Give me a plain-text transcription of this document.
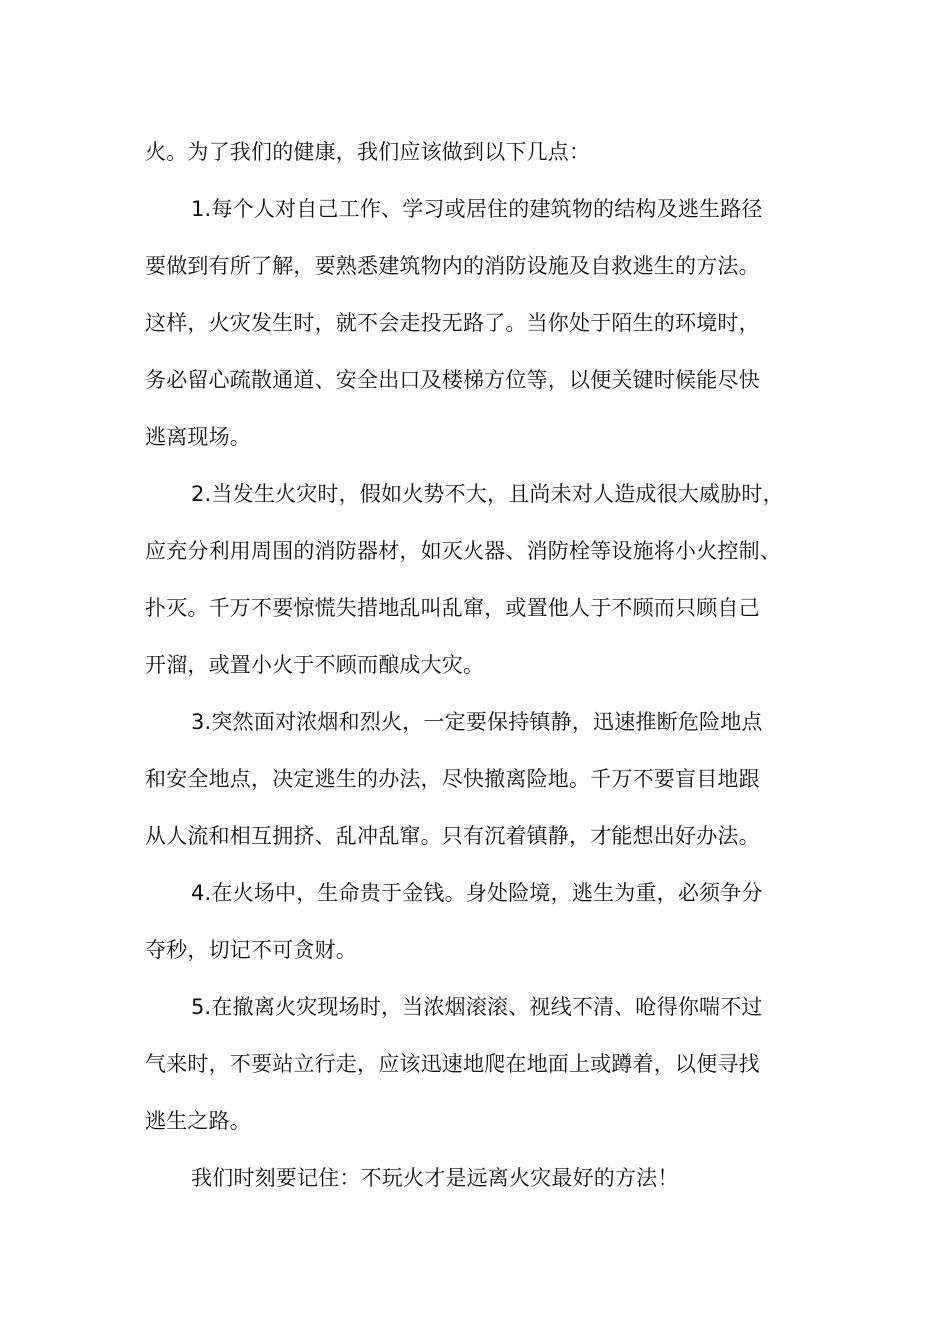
火。为了我们的健康，我们应该做到以下几点：
1.每个人对自己工作、学习或居住的建筑物的结构及逃生路径
要做到有所了解，要熟悉建筑物内的消防设施及自救逃生的方法。
这样，火灾发生时，就不会走投无路了。当你处于陌生的环境时，
务必留心疏散通道、安全出口及楼梯方位等，以便关键时候能尽快
逃离现场。
2.当发生火灾时，假如火势不大，且尚未对人造成很大威胁时，
应充分利用周围的消防器材，如灭火器、消防栓等设施将小火控制、
扑灭。千万不要惊慌失措地乱叫乱窜，或置他人于不顾而只顾自己
开溜，或置小火于不顾而酿成大灾。
3.突然面对浓烟和烈火，一定要保持镇静，迅速推断危险地点
和安全地点，决定逃生的办法，尽快撤离险地。千万不要盲目地跟
从人流和相互拥挤、乱冲乱窜。只有沉着镇静，才能想出好办法。
4.在火场中，生命贵于金钱。身处险境，逃生为重，必须争分
夺秒，切记不可贪财。
5.在撤离火灾现场时，当浓烟滚滚、视线不清、呛得你喘不过
气来时，不要站立行走，应该迅速地爬在地面上或蹲着，以便寻找
逃生之路。
我们时刻要记住：不玩火才是远离火灾最好的方法！
